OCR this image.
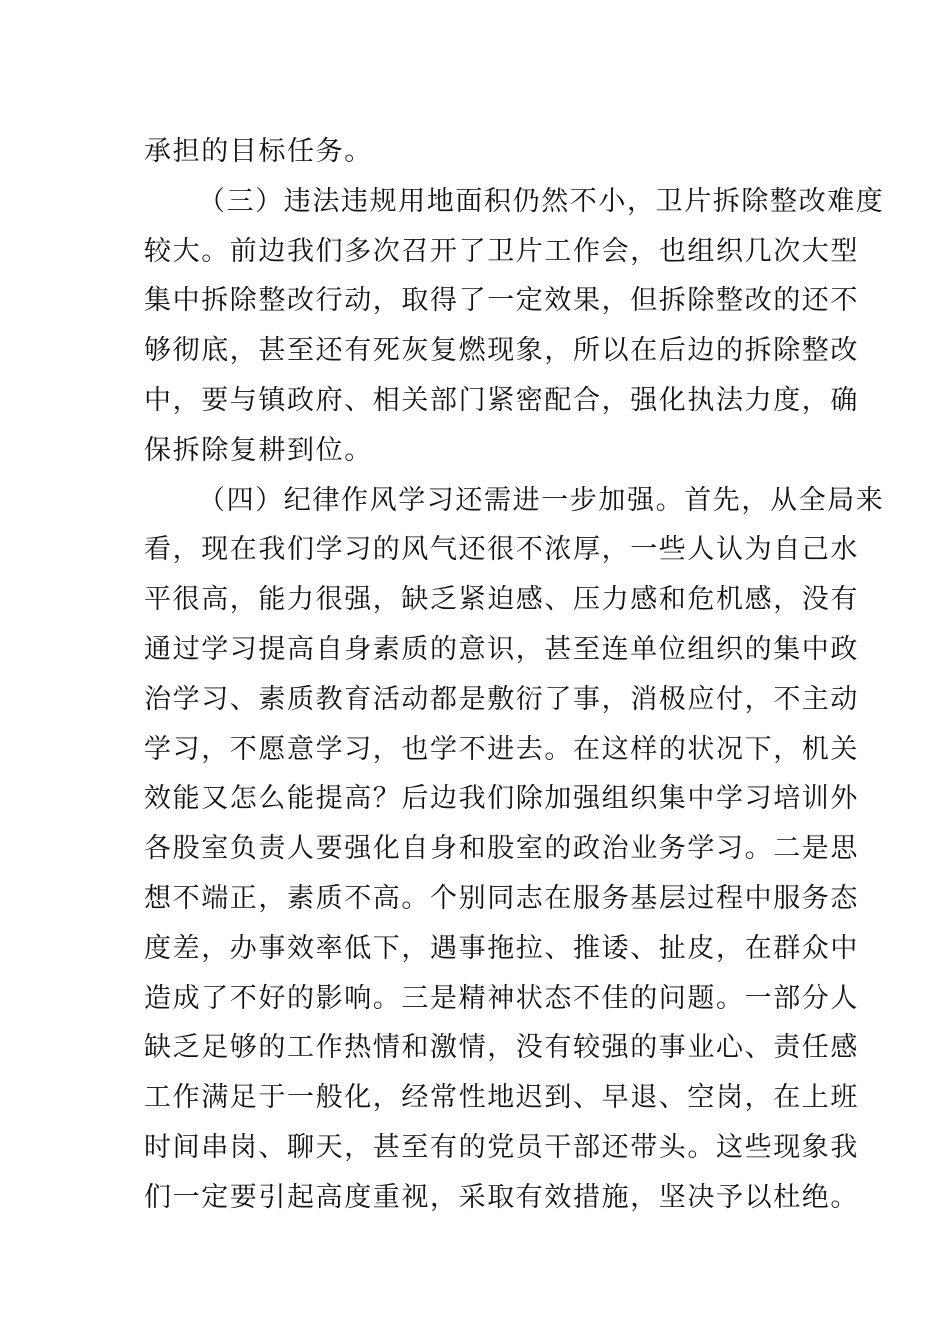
承担的目标任务。
（三）违法违规用地面积仍然不小，卫片拆除整改难度
较大。前边我们多次召开了卫片工作会，也组织几次大型
集中拆除整改行动，取得了一定效果，但拆除整改的还不
够彻底，甚至还有死灰复燃现象，所以在后边的拆除整改
中，要与镇政府、相关部门紧密配合，强化执法力度，确
保拆除复耕到位。
（四）纪律作风学习还需进一步加强。首先，从全局来
看，现在我们学习的风气还很不浓厚，一些人认为自己水
平很高，能力很强，缺乏紧迫感、压力感和危机感，没有
通过学习提高自身素质的意识，甚至连单位组织的集中政
治学习、素质教育活动都是敷衍了事，消极应付，不主动
学习，不愿意学习，也学不进去。在这样的状况下，机关
效能又怎么能提高？后边我们除加强组织集中学习培训外
各股室负责人要强化自身和股室的政治业务学习。二是思
想不端正，素质不高。个别同志在服务基层过程中服务态
度差，办事效率低下，遇事拖拉、推诿、扯皮，在群众中
造成了不好的影响。三是精神状态不佳的问题。一部分人
缺乏足够的工作热情和激情，没有较强的事业心、责任感
工作满足于一般化，经常性地迟到、早退、空岗，在上班
时间串岗、聊天，甚至有的党员干部还带头。这些现象我
们一定要引起高度重视，采取有效措施，坚决予以杜绝。
